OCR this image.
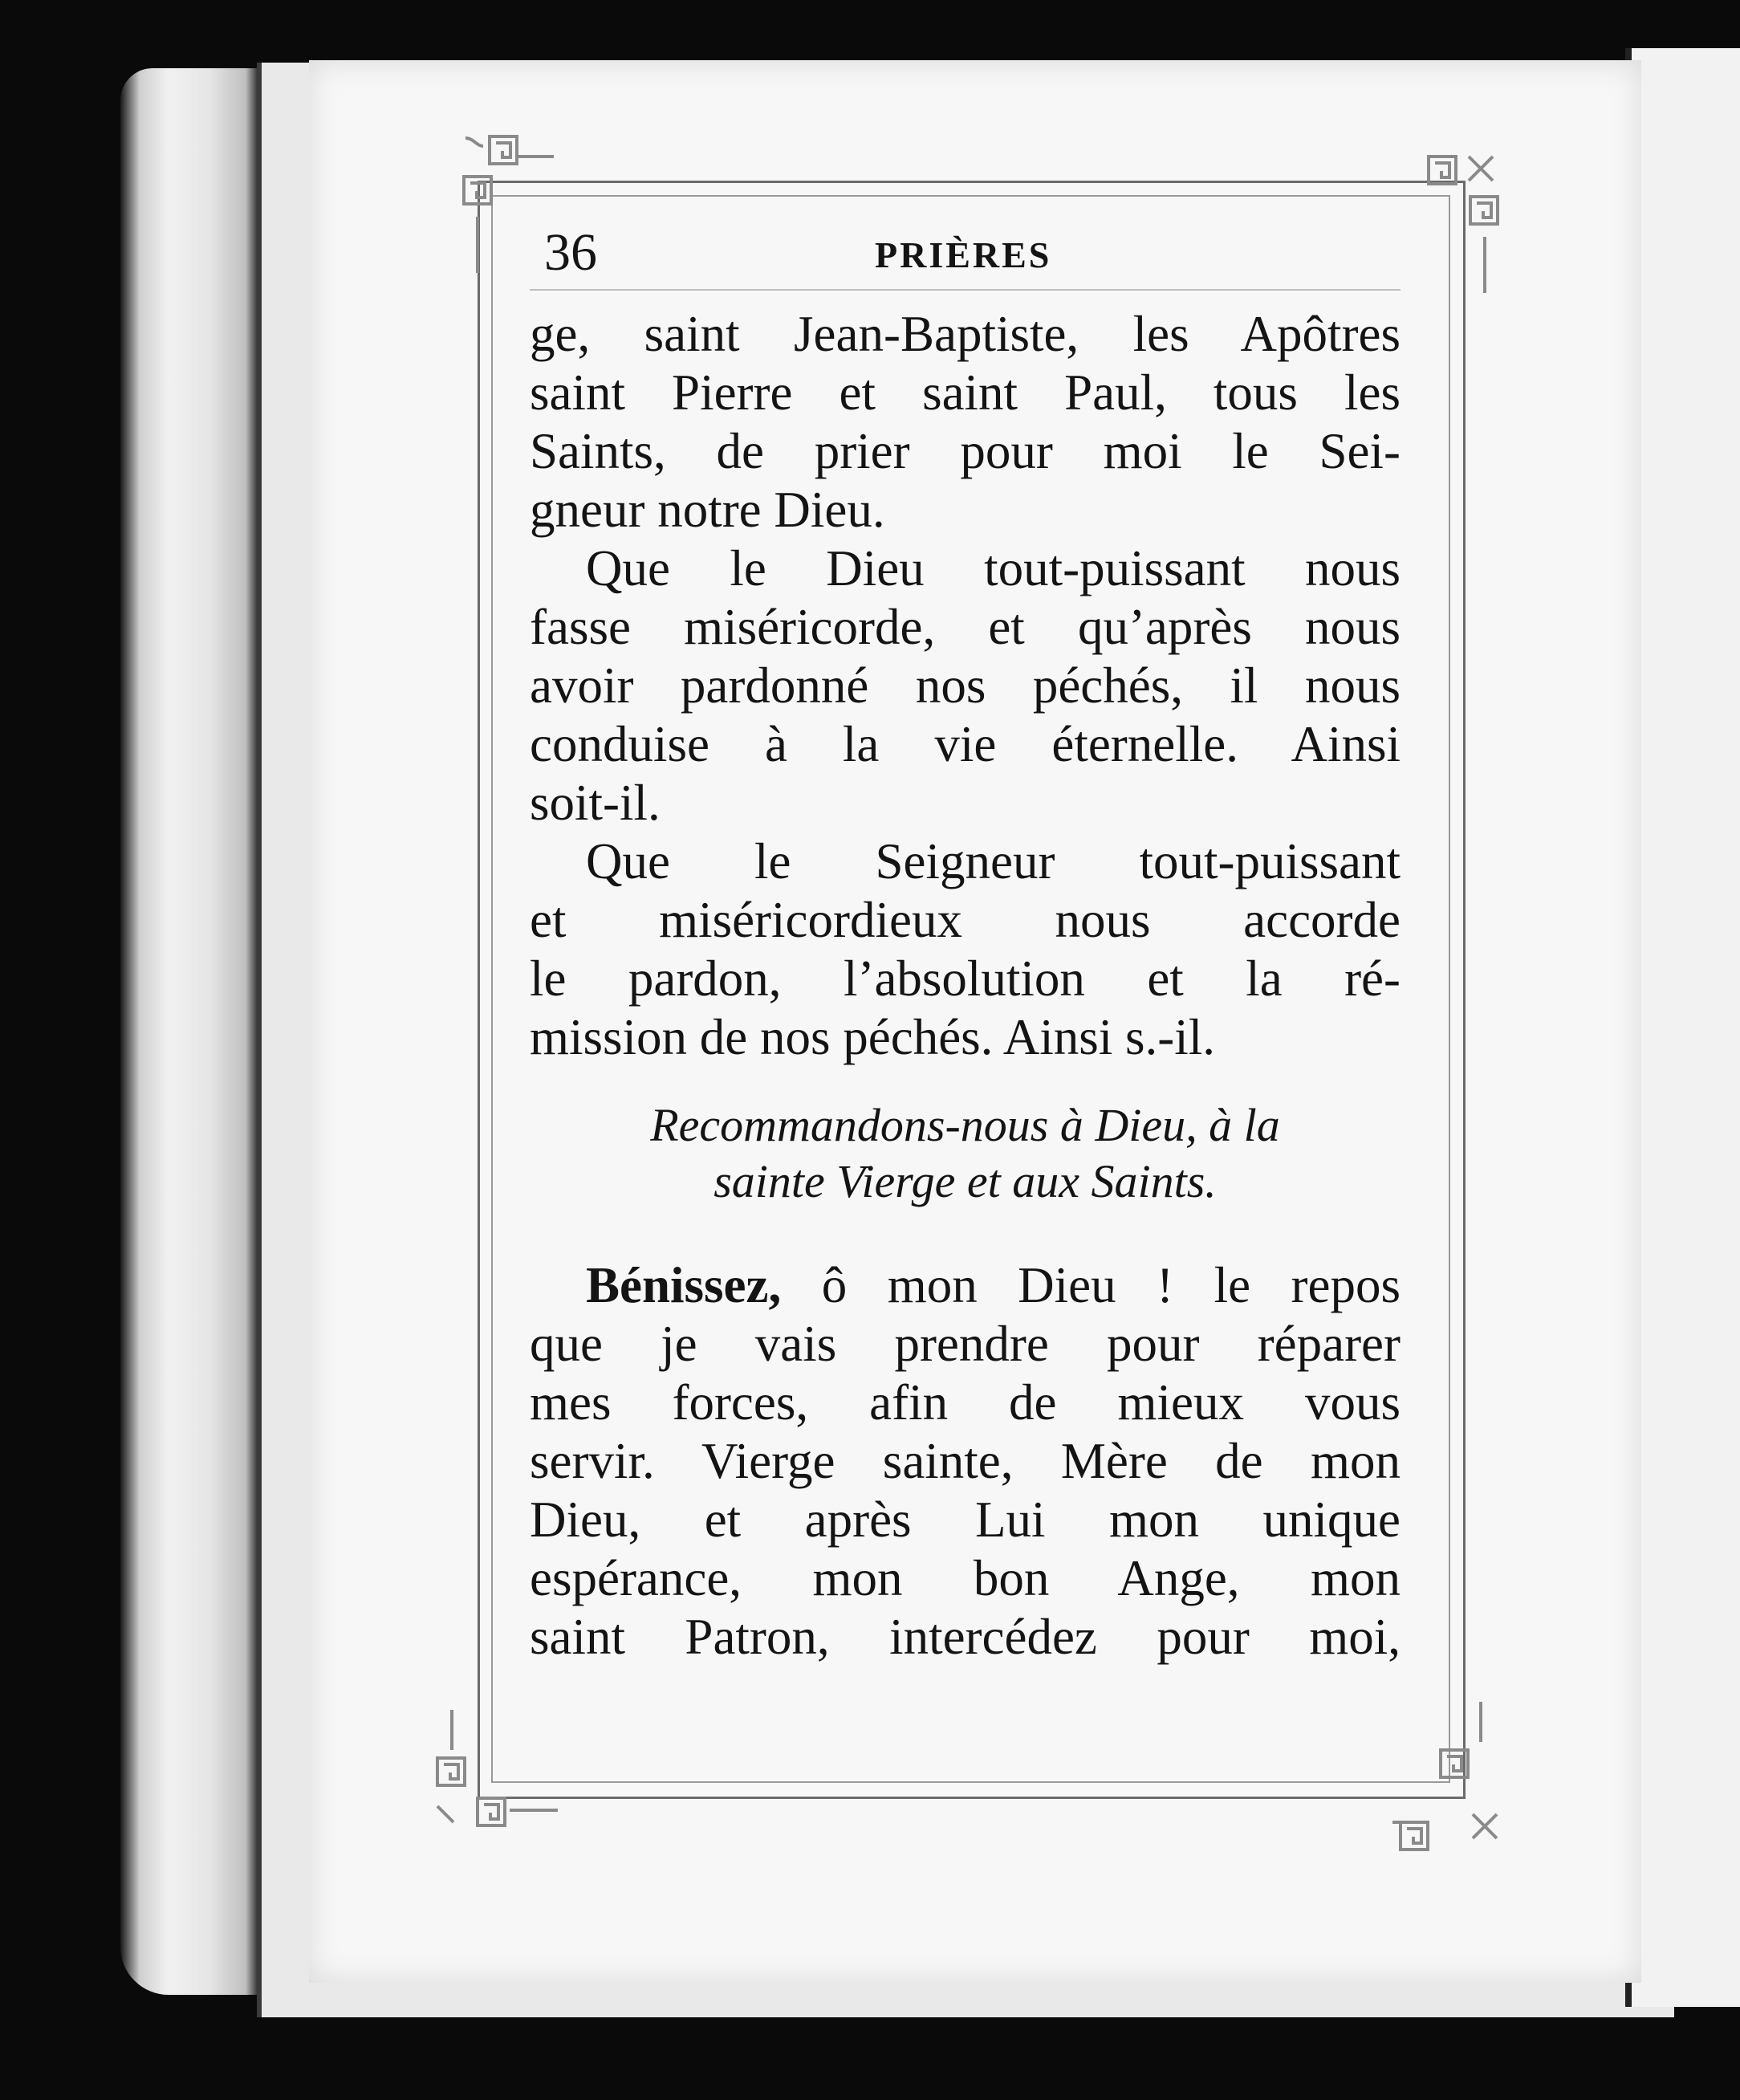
36	PRIÈRES
ge, saint Jean-Baptiste, les Apôtres
saint Pierre et saint Paul, tous les
Saints, de prier pour moi le Sei-
gneur notre Dieu.
Que le Dieu tout-puissant nous
fasse miséricorde, et qu’après nous
avoir pardonné nos péchés, il nous
conduise à la vie éternelle. Ainsi
soit-il.
Que le Seigneur tout-puissant
et miséricordieux nous accorde
le pardon, l’absolution et la ré-
mission de nos péchés. Ainsi s.-il.
Recommandons-nous à Dieu, à la
sainte Vierge et aux Saints.
Bénissez, ô mon Dieu ! le repos
que je vais prendre pour réparer
mes forces, afin de mieux vous
servir. Vierge sainte, Mère de mon
Dieu, et après Lui mon unique
espérance, mon bon Ange, mon
saint Patron, intercédez pour moi,
